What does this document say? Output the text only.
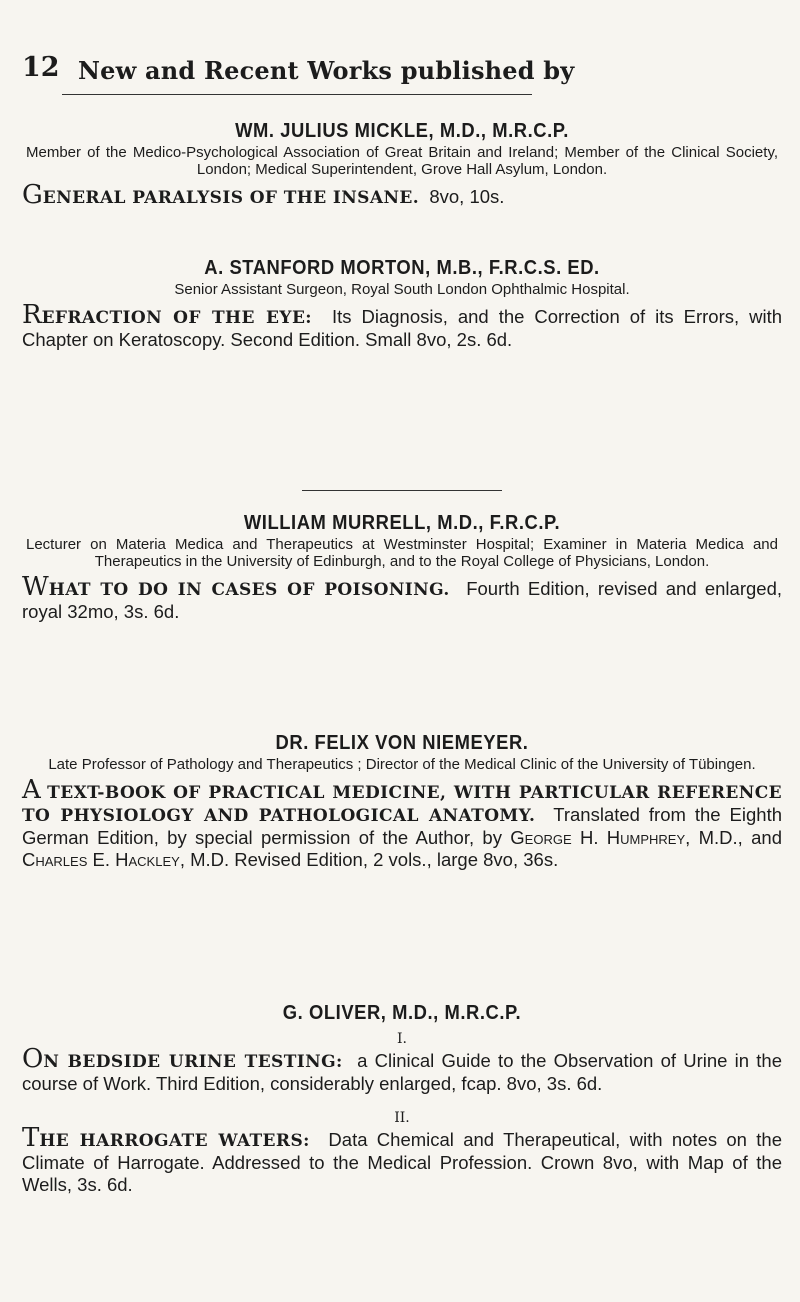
12 New and Recent Works published by
WM. JULIUS MICKLE, M.D., M.R.C.P.
Member of the Medico-Psychological Association of Great Britain and Ireland; Member of the Clinical Society, London; Medical Superintendent, Grove Hall Asylum, London.
GENERAL PARALYSIS OF THE INSANE. 8vo, 10s.
A. STANFORD MORTON, M.B., F.R.C.S. ED.
Senior Assistant Surgeon, Royal South London Ophthalmic Hospital.
REFRACTION OF THE EYE: Its Diagnosis, and the Correction of its Errors, with Chapter on Keratoscopy. Second Edition. Small 8vo, 2s. 6d.
WILLIAM MURRELL, M.D., F.R.C.P.
Lecturer on Materia Medica and Therapeutics at Westminster Hospital; Examiner in Materia Medica and Therapeutics in the University of Edinburgh, and to the Royal College of Physicians, London.
WHAT TO DO IN CASES OF POISONING. Fourth Edition, revised and enlarged, royal 32mo, 3s. 6d.
DR. FELIX VON NIEMEYER.
Late Professor of Pathology and Therapeutics ; Director of the Medical Clinic of the University of Tübingen.
A TEXT-BOOK OF PRACTICAL MEDICINE, WITH PARTICULAR REFERENCE TO PHYSIOLOGY AND PATHOLOGICAL ANATOMY. Translated from the Eighth German Edition, by special permission of the Author, by George H. Humphrey, M.D., and Charles E. Hackley, M.D. Revised Edition, 2 vols., large 8vo, 36s.
G. OLIVER, M.D., M.R.C.P.
I.
ON BEDSIDE URINE TESTING: a Clinical Guide to the Observation of Urine in the course of Work. Third Edition, considerably enlarged, fcap. 8vo, 3s. 6d.
II.
THE HARROGATE WATERS: Data Chemical and Therapeutical, with notes on the Climate of Harrogate. Addressed to the Medical Profession. Crown 8vo, with Map of the Wells, 3s. 6d.
